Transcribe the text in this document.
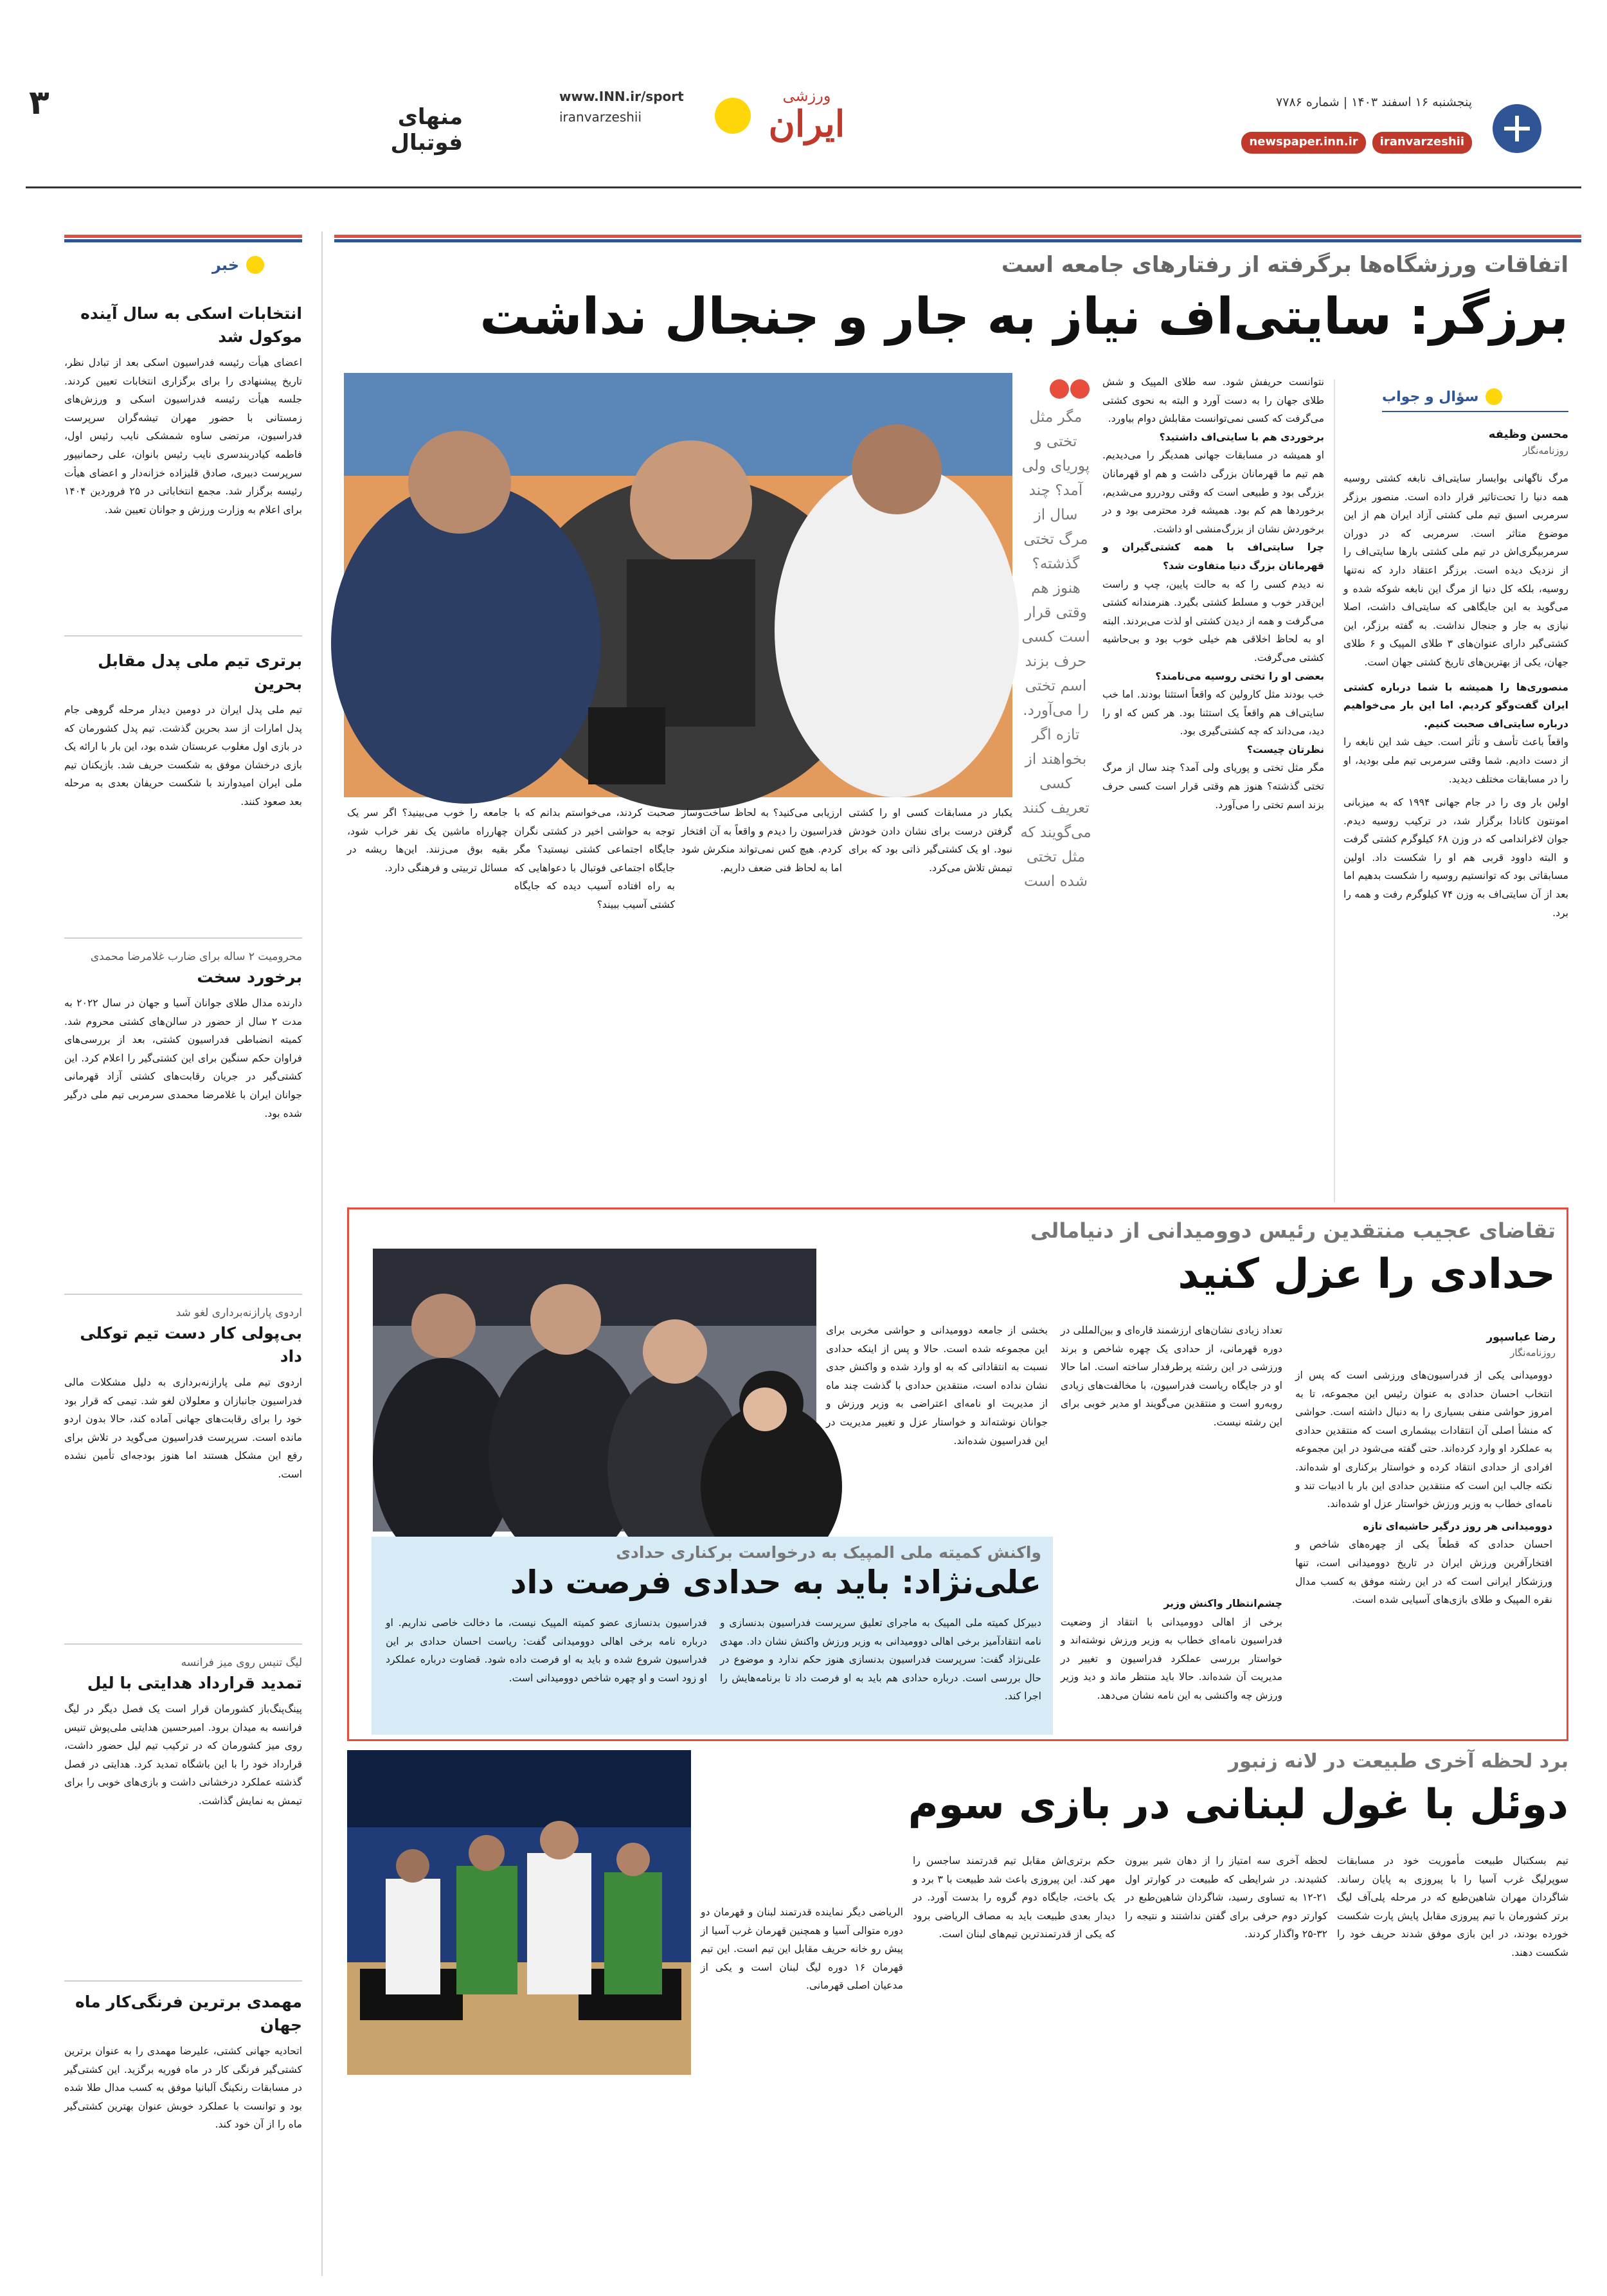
۳	منهای فوتبال
www.INN.ir/sport
iranvarzeshii
ورزشی
ایران
پنجشنبه ۱۶ اسفند ۱۴۰۳ | شماره ۷۷۸۶
newspaper.inn.ir	iranvarzeshii
خبر
انتخابات اسکی به سال آینده موکول شد

اعضای هیأت رئیسه فدراسیون اسکی بعد از تبادل نظر، تاریخ پیشنهادی را برای برگزاری انتخابات تعیین کردند. جلسه هیأت رئیسه فدراسیون اسکی و ورزش‌های زمستانی با حضور مهران تیشه‌گران سرپرست فدراسیون، مرتضی ساوه شمشکی نایب رئیس اول، فاطمه کیادربندسری نایب رئیس بانوان، علی رحمانیپور سرپرست دبیری، صادق قلیزاده خزانه‌دار و اعضای هیأت رئیسه برگزار شد. مجمع انتخاباتی در ۲۵ فروردین ۱۴۰۴ برای اعلام به وزارت ورزش و جوانان تعیین شد.

برتری تیم ملی پدل مقابل بحرین

تیم ملی پدل ایران در دومین دیدار مرحله گروهی جام پدل امارات از سد بحرین گذشت. تیم پدل کشورمان که در بازی اول مغلوب عربستان شده بود، این بار با ارائه یک بازی درخشان موفق به شکست حریف شد. بازیکنان تیم ملی ایران امیدوارند با شکست حریفان بعدی به مرحله بعد صعود کنند.

محرومیت ۲ ساله برای ضارب غلامرضا محمدی
برخورد سخت

دارنده مدال طلای جوانان آسیا و جهان در سال ۲۰۲۲ به مدت ۲ سال از حضور در سالن‌های کشتی محروم شد. کمیته انضباطی فدراسیون کشتی، بعد از بررسی‌های فراوان حکم سنگین برای این کشتی‌گیر را اعلام کرد. این کشتی‌گیر در جریان رقابت‌های کشتی آزاد قهرمانی جوانان ایران با غلامرضا محمدی سرمربی تیم ملی درگیر شده بود.

اردوی پارازنه‌برداری لغو شد
بی‌پولی کار دست تیم توکلی داد

اردوی تیم ملی پارازنه‌برداری به دلیل مشکلات مالی فدراسیون جانبازان و معلولان لغو شد. تیمی که قرار بود خود را برای رقابت‌های جهانی آماده کند، حالا بدون اردو مانده است. سرپرست فدراسیون می‌گوید در تلاش برای رفع این مشکل هستند اما هنوز بودجه‌ای تأمین نشده است.

لیگ تنیس روی میز فرانسه
تمدید قرارداد هدایتی با لیل

پینگ‌پنگ‌باز کشورمان قرار است یک فصل دیگر در لیگ فرانسه به میدان برود. امیرحسین هدایتی ملی‌پوش تنیس روی میز کشورمان که در ترکیب تیم لیل حضور داشت، قرارداد خود را با این باشگاه تمدید کرد. هدایتی در فصل گذشته عملکرد درخشانی داشت و بازی‌های خوبی را برای تیمش به نمایش گذاشت.

مهمدی برترین فرنگی‌کار ماه جهان

اتحادیه جهانی کشتی، علیرضا مهمدی را به عنوان برترین کشتی‌گیر فرنگی کار در ماه فوریه برگزید. این کشتی‌گیر در مسابقات رنکینگ آلبانیا موفق به کسب مدال طلا شده بود و توانست با عملکرد خوبش عنوان بهترین کشتی‌گیر ماه را از آن خود کند.

اتفاقات ورزشگاه‌ها برگرفته از رفتارهای جامعه است
برزگر: سایتی‌اف نیاز به جار و جنجال نداشت
سؤال و جواب
محسن وظیفه
روزنامه‌نگار

مرگ ناگهانی بوابسار سایتی‌اف نابغه کشتی روسیه همه دنیا را تحت‌تاثیر قرار داده است. منصور برزگر سرمربی اسبق تیم ملی کشتی آزاد ایران هم از این موضوع متاثر است. سرمربی که در دوران سرمربیگری‌اش در تیم ملی کشتی بارها سایتی‌اف را از نزدیک دیده است. برزگر اعتقاد دارد که نه‌تنها روسیه، بلکه کل دنیا از مرگ این نابغه شوکه شده و می‌گوید به این جایگاهی که سایتی‌اف داشت، اصلا نیازی به جار و جنجال نداشت. به گفته برزگر، این کشتی‌گیر دارای عنوان‌های ۳ طلای المپیک و ۶ طلای جهان، یکی از بهترین‌های تاریخ کشتی جهان است.

منصوری‌ها را همیشه با شما درباره کشتی ایران گفت‌وگو کردیم. اما این بار می‌خواهیم درباره سایتی‌اف صحبت کنیم.

واقعاً باعث تأسف و تأثر است. حیف شد این نابغه را از دست دادیم. شما وقتی سرمربی تیم ملی بودید، او را در مسابقات مختلف دیدید.

اولین بار وی را در جام جهانی ۱۹۹۴ که به میزبانی امونتون کانادا برگزار شد، در ترکیب روسیه دیدم. جوان لاغراندامی که در وزن ۶۸ کیلوگرم کشتی گرفت و البته داوود قربی هم او را شکست داد. اولین مسابقاتی بود که توانستیم روسیه را شکست بدهیم اما بعد از آن سایتی‌اف به وزن ۷۴ کیلوگرم رفت و همه را برد.

نتوانست حریفش شود. سه طلای المپیک و شش طلای جهان را به دست آورد و البته به نحوی کشتی می‌گرفت که کسی نمی‌توانست مقابلش دوام بیاورد.

برخوردی هم با سایتی‌اف داشتید؟

او همیشه در مسابقات جهانی همدیگر را می‌دیدیم. هم تیم ما قهرمانان بزرگی داشت و هم او قهرمانان بزرگی بود و طبیعی است که وقتی رودررو می‌شدیم، برخوردها هم کم بود. همیشه فرد محترمی بود و در برخوردش نشان از بزرگ‌منشی او داشت.

چرا سایتی‌اف با همه کشتی‌گیران و قهرمانان بزرگ دنیا متفاوت شد؟

نه دیدم کسی را که به حالت پایین، چپ و راست این‌قدر خوب و مسلط کشتی بگیرد. هنرمندانه کشتی می‌گرفت و همه از دیدن کشتی او لذت می‌بردند. البته او به لحاظ اخلاقی هم خیلی خوب بود و بی‌حاشیه کشتی می‌گرفت.

بعضی او را تختی روسیه می‌نامند؟

خب بودند مثل کارولین که واقعاً استثنا بودند. اما خب سایتی‌اف هم واقعاً یک استثنا بود. هر کس که او را دید، می‌داند که چه کشتی‌گیری بود.

نظرتان چیست؟

مگر مثل تختی و پوریای ولی آمد؟ چند سال از مرگ تختی گذشته؟ هنوز هم وقتی قرار است کسی حرف بزند اسم تختی را می‌آورد.

مگر مثل تختی و پوریای ولی آمد؟ چند سال از مرگ تختی گذشته؟ هنوز هم وقتی قرار است کسی حرف بزند اسم تختی را می‌آورد. تازه اگر بخواهند از کسی تعریف کنند می‌گویند که مثل تختی شده است

یکبار در مسابقات کسی او را کشتی گرفتن درست برای نشان دادن خودش نبود. او یک کشتی‌گیر ذاتی بود که برای تیمش تلاش می‌کرد.

ارزیابی می‌کنید؟ به لحاظ ساخت‌وساز فدراسیون را دیدم و واقعاً به آن افتخار کردم. هیچ کس نمی‌تواند منکرش شود اما به لحاظ فنی ضعف داریم.

صحبت کردند، می‌خواستم بدانم که با توجه به حواشی اخیر در کشتی نگران جایگاه اجتماعی کشتی نیستید؟ مگر جایگاه اجتماعی فوتبال با دعواهایی که به راه افتاده آسیب دیده که جایگاه کشتی آسیب ببیند؟

جامعه را خوب می‌بینید؟ اگر سر یک چهارراه ماشین یک نفر خراب شود، بقیه بوق می‌زنند. این‌ها ریشه در مسائل تربیتی و فرهنگی دارد.

تقاضای عجیب منتقدین رئیس دوومیدانی از دنیامالی
حدادی را عزل کنید
رضا عباسپور
روزنامه‌نگار

دوومیدانی یکی از فدراسیون‌های ورزشی است که پس از انتخاب احسان حدادی به عنوان رئیس این مجموعه، تا به امروز حواشی منفی بسیاری را به دنبال داشته است. حواشی که منشأ اصلی آن انتقادات بیشماری است که منتقدین حدادی به عملکرد او وارد کرده‌اند. حتی گفته می‌شود در این مجموعه افرادی از حدادی انتقاد کرده و خواستار برکناری او شده‌اند. نکته جالب این است که منتقدین حدادی این بار با ادبیات تند و نامه‌ای خطاب به وزیر ورزش خواستار عزل او شده‌اند.

دوومیدانی هر روز درگیر حاشیه‌ای تازه

احسان حدادی که قطعاً یکی از چهره‌های شاخص و افتخارآفرین ورزش ایران در تاریخ دوومیدانی است، تنها ورزشکار ایرانی است که در این رشته موفق به کسب مدال نقره المپیک و طلای بازی‌های آسیایی شده است.

تعداد زیادی نشان‌های ارزشمند قاره‌ای و بین‌المللی در دوره قهرمانی، از حدادی یک چهره شاخص و برند ورزشی در این رشته پرطرفدار ساخته است. اما حالا او در جایگاه ریاست فدراسیون، با مخالفت‌های زیادی روبه‌رو است و منتقدین می‌گویند او مدیر خوبی برای این رشته نیست.

بخشی از جامعه دوومیدانی و حواشی مخربی برای این مجموعه شده است. حالا و پس از اینکه حدادی نسبت به انتقاداتی که به او وارد شده و واکنش جدی نشان نداده است، منتقدین حدادی با گذشت چند ماه از مدیریت او نامه‌ای اعتراضی به وزیر ورزش و جوانان نوشته‌اند و خواستار عزل و تغییر مدیریت در این فدراسیون شده‌اند.

چشم‌انتظار واکنش وزیر

برخی از اهالی دوومیدانی با انتقاد از وضعیت فدراسیون نامه‌ای خطاب به وزیر ورزش نوشته‌اند و خواستار بررسی عملکرد فدراسیون و تغییر در مدیریت آن شده‌اند. حالا باید منتظر ماند و دید وزیر ورزش چه واکنشی به این نامه نشان می‌دهد.

واکنش کمیته ملی المپیک به درخواست برکناری حدادی
علی‌نژاد: باید به حدادی فرصت داد

دبیرکل کمیته ملی المپیک به ماجرای تعلیق سرپرست فدراسیون بدنسازی و نامه انتقادآمیز برخی اهالی دوومیدانی به وزیر ورزش واکنش نشان داد. مهدی علی‌نژاد گفت: سرپرست فدراسیون بدنسازی هنوز حکم ندارد و موضوع در حال بررسی است. درباره حدادی هم باید به او فرصت داد تا برنامه‌هایش را اجرا کند.

فدراسیون بدنسازی عضو کمیته المپیک نیست، ما دخالت خاصی نداریم. او درباره نامه برخی اهالی دوومیدانی گفت: ریاست احسان حدادی بر این فدراسیون شروع شده و باید به او فرصت داده شود. قضاوت درباره عملکرد او زود است و او چهره شاخص دوومیدانی است.

برد لحظه آخری طبیعت در لانه زنبور
دوئل با غول لبنانی در بازی سوم

تیم بسکتبال طبیعت مأموریت خود در مسابقات سوپرلیگ غرب آسیا را با پیروزی به پایان رساند. شاگردان مهران شاهین‌طبع که در مرحله پلی‌آف لیگ برتر کشورمان با تیم پیروزی مقابل پایش پارت شکست خورده بودند، در این بازی موفق شدند حریف خود را شکست دهند.

لحظه آخری سه امتیاز را از دهان شیر بیرون کشیدند. در شرایطی که طبیعت در کوارتر اول ۲۱-۱۲ به تساوی رسید، شاگردان شاهین‌طبع در کوارتر دوم حرفی برای گفتن نداشتند و نتیجه را ۳۲-۲۵ واگذار کردند.

حکم برتری‌اش مقابل تیم قدرتمند ساجسن را مهر کند. این پیروزی باعث شد طبیعت با ۳ برد و یک باخت، جایگاه دوم گروه را بدست آورد. در دیدار بعدی طبیعت باید به مصاف الریاضی برود که یکی از قدرتمندترین تیم‌های لبنان است.

الریاضی دیگر نماینده قدرتمند لبنان و قهرمان دو دوره متوالی آسیا و همچنین قهرمان غرب آسیا از پیش رو خانه حریف مقابل این تیم است. این تیم قهرمان ۱۶ دوره لیگ لبنان است و یکی از مدعیان اصلی قهرمانی.
